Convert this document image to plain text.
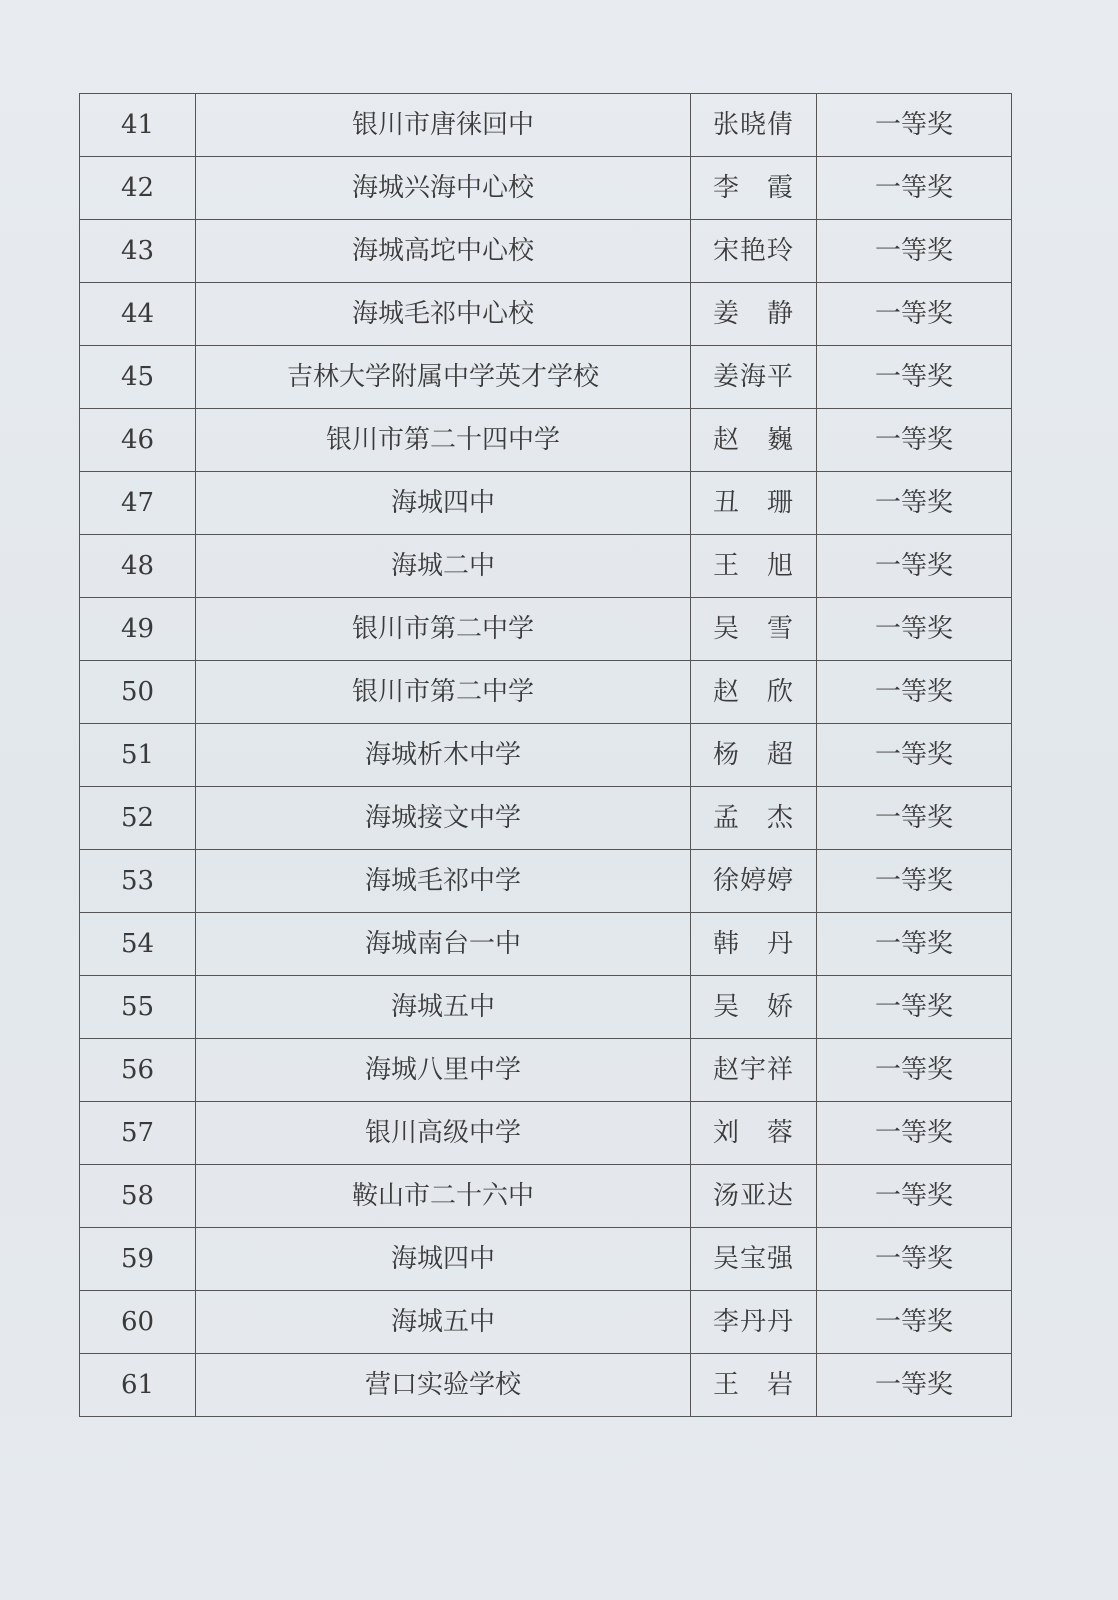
41	银川市唐徕回中	张晓倩	一等奖
42	海城兴海中心校	李　霞	一等奖
43	海城高坨中心校	宋艳玲	一等奖
44	海城毛祁中心校	姜　静	一等奖
45	吉林大学附属中学英才学校	姜海平	一等奖
46	银川市第二十四中学	赵　巍	一等奖
47	海城四中	丑　珊	一等奖
48	海城二中	王　旭	一等奖
49	银川市第二中学	吴　雪	一等奖
50	银川市第二中学	赵　欣	一等奖
51	海城析木中学	杨　超	一等奖
52	海城接文中学	孟　杰	一等奖
53	海城毛祁中学	徐婷婷	一等奖
54	海城南台一中	韩　丹	一等奖
55	海城五中	吴　娇	一等奖
56	海城八里中学	赵宇祥	一等奖
57	银川高级中学	刘　蓉	一等奖
58	鞍山市二十六中	汤亚达	一等奖
59	海城四中	吴宝强	一等奖
60	海城五中	李丹丹	一等奖
61	营口实验学校	王　岩	一等奖
